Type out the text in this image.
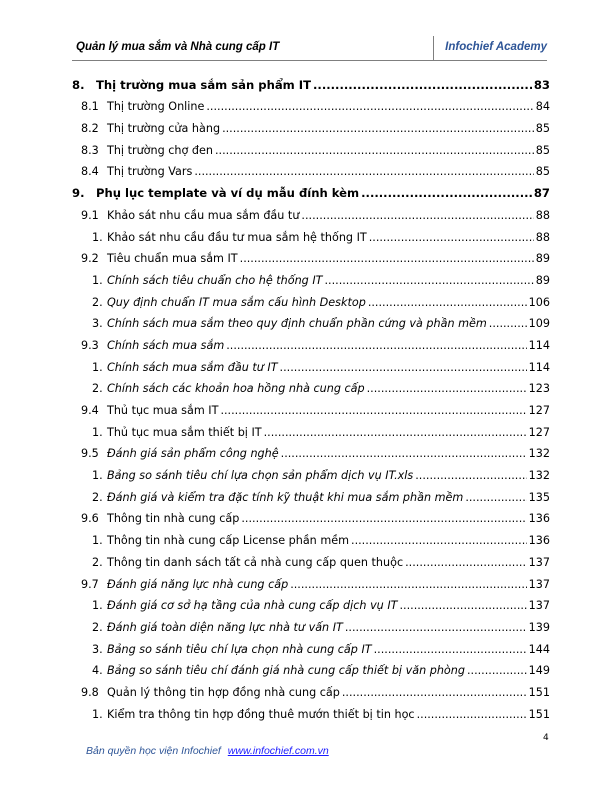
Quản lý mua sắm và Nhà cung cấp IT	Infochief Academy
8. Thị trường mua sắm sản phẩm IT .....	83
8.1 Thị trường Online .....	84
8.2 Thị trường cửa hàng .....	85
8.3 Thị trường chợ đen .....	85
8.4 Thị trường Vars .....	85
9. Phụ lục template và ví dụ mẫu đính kèm .....	87
9.1 Khảo sát nhu cầu mua sắm đầu tư .....	88
1. Khảo sát nhu cầu đầu tư mua sắm hệ thống IT .....	88
9.2 Tiêu chuẩn mua sắm IT .....	89
1. Chính sách tiêu chuẩn cho hệ thống IT .....	89
2. Quy định chuẩn IT mua sắm cấu hình Desktop .....	106
3. Chính sách mua sắm theo quy định chuẩn phần cứng và phần mềm .....	109
9.3 Chính sách mua sắm .....	114
1. Chính sách mua sắm đầu tư IT .....	114
2. Chính sách các khoản hoa hồng nhà cung cấp .....	123
9.4 Thủ tục mua sắm IT .....	127
1. Thủ tục mua sắm thiết bị IT .....	127
9.5 Đánh giá sản phẩm công nghệ .....	132
1. Bảng so sánh tiêu chí lựa chọn sản phẩm dịch vụ IT.xls .....	132
2. Đánh giá và kiểm tra đặc tính kỹ thuật khi mua sắm phần mềm .....	135
9.6 Thông tin nhà cung cấp .....	136
1. Thông tin nhà cung cấp License phần mềm .....	136
2. Thông tin danh sách tất cả nhà cung cấp quen thuộc .....	137
9.7 Đánh giá năng lực nhà cung cấp .....	137
1. Đánh giá cơ sở hạ tầng của nhà cung cấp dịch vụ IT .....	137
2. Đánh giá toàn diện năng lực nhà tư vấn IT .....	139
3. Bảng so sánh tiêu chí lựa chọn nhà cung cấp IT .....	144
4. Bảng so sánh tiêu chí đánh giá nhà cung cấp thiết bị văn phòng .....	149
9.8 Quản lý thông tin hợp đồng nhà cung cấp .....	151
1. Kiểm tra thông tin hợp đồng thuê mướn thiết bị tin học .....	151
4
Bản quyền học viện Infochief www.infochief.com.vn
